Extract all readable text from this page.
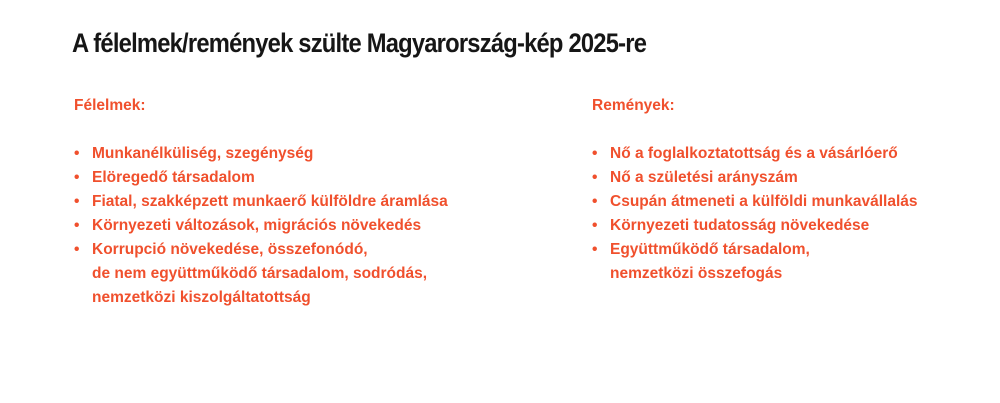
A félelmek/remények szülte Magyarország-kép 2025-re
Félelmek:
• Munkanélküliség, szegénység
• Elöregedő társadalom
• Fiatal, szakképzett munkaerő külföldre áramlása
• Környezeti változások, migrációs növekedés
• Korrupció növekedése, összefonódó,
de nem együttműködő társadalom, sodródás,
nemzetközi kiszolgáltatottság
Remények:
• Nő a foglalkoztatottság és a vásárlóerő
• Nő a születési arányszám
• Csupán átmeneti a külföldi munkavállalás
• Környezeti tudatosság növekedése
• Együttműködő társadalom,
nemzetközi összefogás
